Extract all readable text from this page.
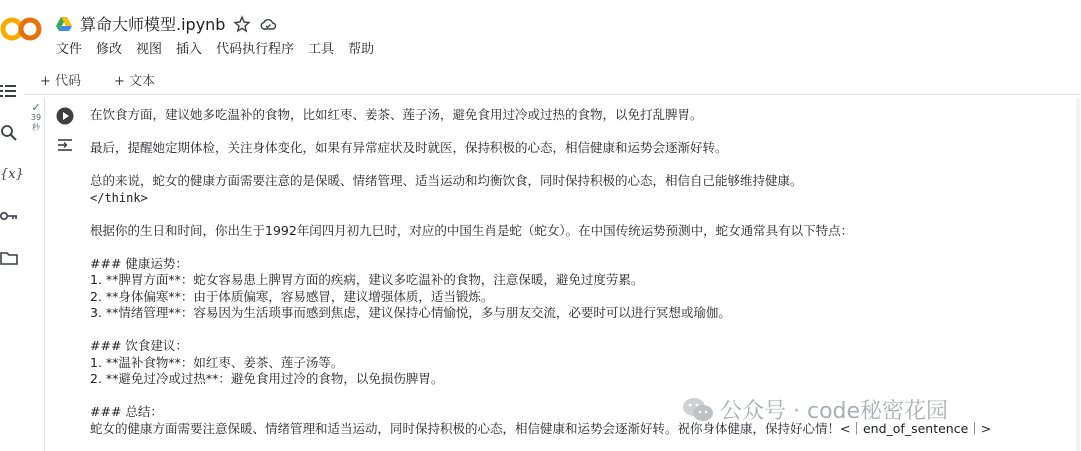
算命大师模型.ipynb
文件 修改 视图 插入 代码执行程序 工具 帮助
{x}
+ 代码	+ 文本
✓
39
秒
在饮食方面，建议她多吃温补的食物，比如红枣、姜茶、莲子汤，避免食用过冷或过热的食物，以免打乱脾胃。
最后，提醒她定期体检，关注身体变化，如果有异常症状及时就医，保持积极的心态，相信健康和运势会逐渐好转。
总的来说，蛇女的健康方面需要注意的是保暖、情绪管理、适当运动和均衡饮食，同时保持积极的心态，相信自己能够维持健康。
</think>
根据你的生日和时间，你出生于1992年闰四月初九巳时，对应的中国生肖是蛇（蛇女）。在中国传统运势预测中，蛇女通常具有以下特点：
### 健康运势：
1. **脾胃方面**：蛇女容易患上脾胃方面的疾病，建议多吃温补的食物，注意保暖，避免过度劳累。
2. **身体偏寒**：由于体质偏寒，容易感冒，建议增强体质，适当锻炼。
3. **情绪管理**：容易因为生活琐事而感到焦虑，建议保持心情愉悦，多与朋友交流，必要时可以进行冥想或瑜伽。
### 饮食建议：
1. **温补食物**：如红枣、姜茶、莲子汤等。
2. **避免过冷或过热**：避免食用过冷的食物，以免损伤脾胃。
### 总结：
蛇女的健康方面需要注意保暖、情绪管理和适当运动，同时保持积极的心态，相信健康和运势会逐渐好转。祝你身体健康，保持好心情！<｜end_of_sentence｜>
公众号 · code秘密花园
